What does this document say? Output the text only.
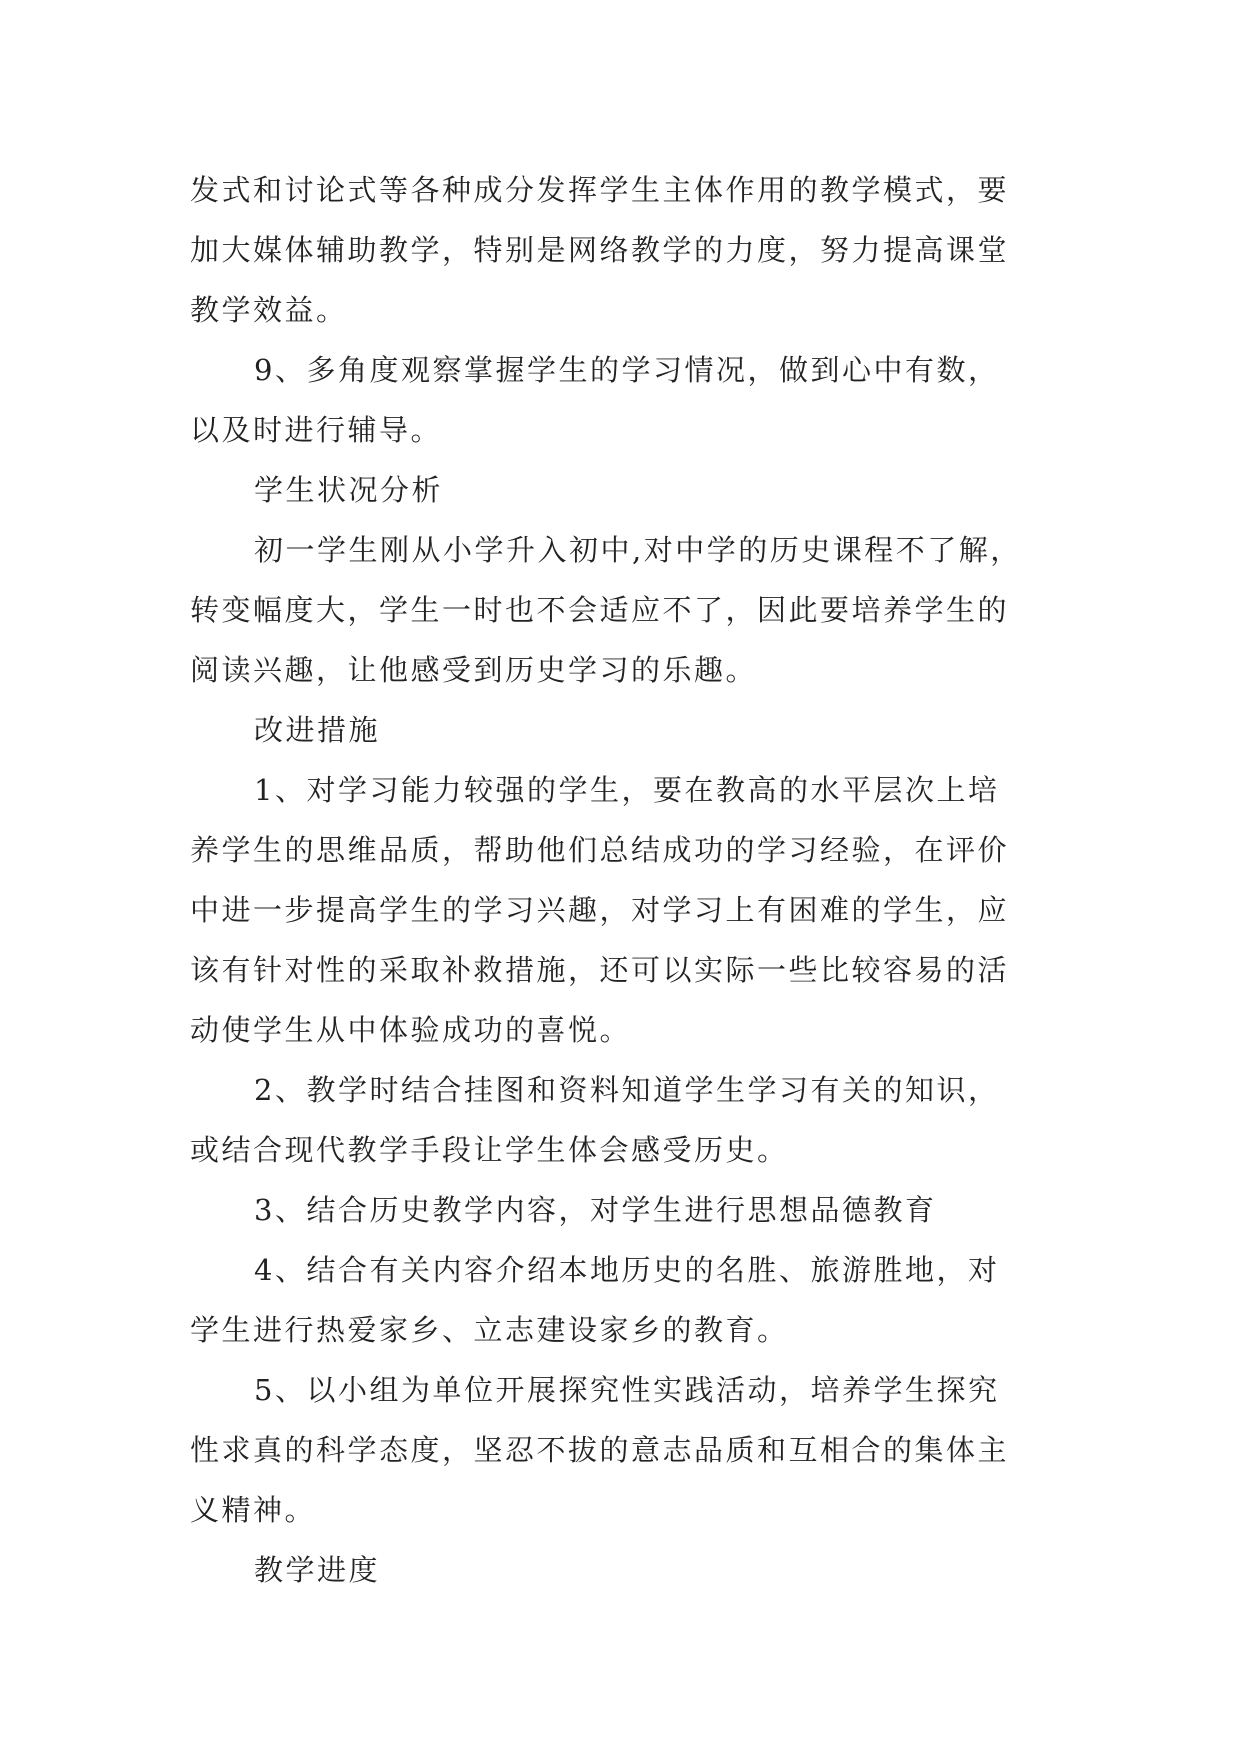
发式和讨论式等各种成分发挥学生主体作用的教学模式，要
加大媒体辅助教学，特别是网络教学的力度，努力提高课堂
教学效益。
9、多角度观察掌握学生的学习情况，做到心中有数，
以及时进行辅导。
学生状况分析
初一学生刚从小学升入初中,对中学的历史课程不了解，
转变幅度大，学生一时也不会适应不了，因此要培养学生的
阅读兴趣，让他感受到历史学习的乐趣。
改进措施
1、对学习能力较强的学生，要在教高的水平层次上培
养学生的思维品质，帮助他们总结成功的学习经验，在评价
中进一步提高学生的学习兴趣，对学习上有困难的学生，应
该有针对性的采取补救措施，还可以实际一些比较容易的活
动使学生从中体验成功的喜悦。
2、教学时结合挂图和资料知道学生学习有关的知识，
或结合现代教学手段让学生体会感受历史。
3、结合历史教学内容，对学生进行思想品德教育
4、结合有关内容介绍本地历史的名胜、旅游胜地，对
学生进行热爱家乡、立志建设家乡的教育。
5、以小组为单位开展探究性实践活动，培养学生探究
性求真的科学态度，坚忍不拔的意志品质和互相合的集体主
义精神。
教学进度
